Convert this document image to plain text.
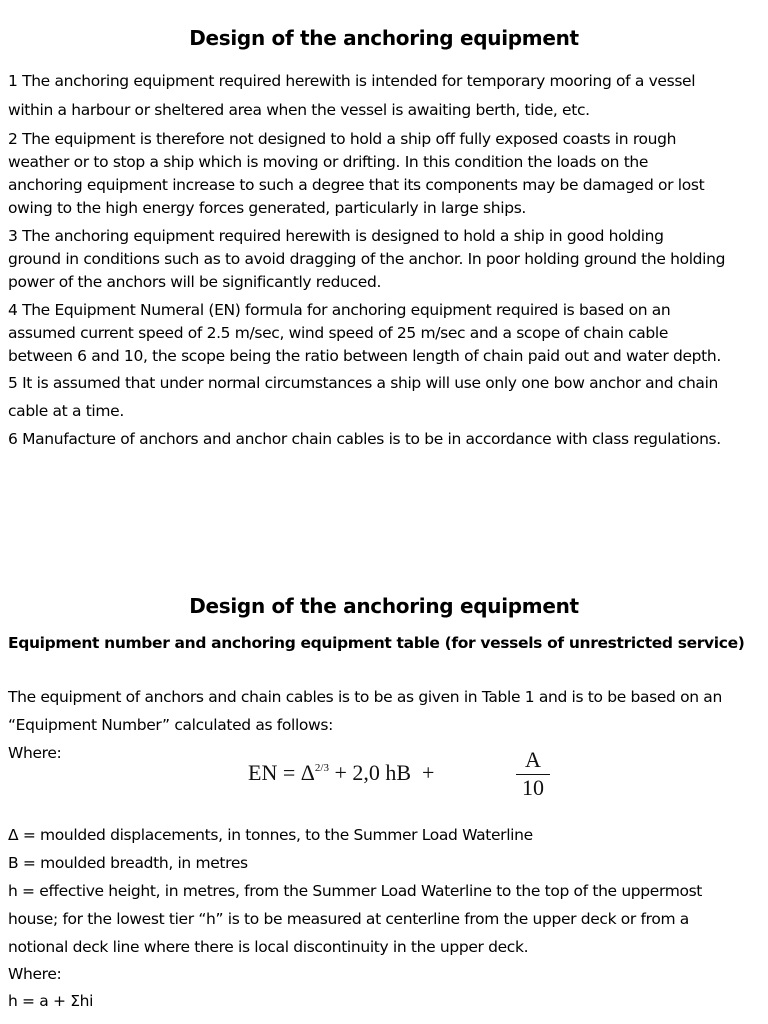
Design of the anchoring equipment
1 The anchoring equipment required herewith is intended for temporary mooring of a vessel
within a harbour or sheltered area when the vessel is awaiting berth, tide, etc.
2 The equipment is therefore not designed to hold a ship off fully exposed coasts in rough
weather or to stop a ship which is moving or drifting. In this condition the loads on the
anchoring equipment increase to such a degree that its components may be damaged or lost
owing to the high energy forces generated, particularly in large ships.
3 The anchoring equipment required herewith is designed to hold a ship in good holding
ground in conditions such as to avoid dragging of the anchor. In poor holding ground the holding
power of the anchors will be significantly reduced.
4 The Equipment Numeral (EN) formula for anchoring equipment required is based on an
assumed current speed of 2.5 m/sec, wind speed of 25 m/sec and a scope of chain cable
between 6 and 10, the scope being the ratio between length of chain paid out and water depth.
5 It is assumed that under normal circumstances a ship will use only one bow anchor and chain
cable at a time.
6 Manufacture of anchors and anchor chain cables is to be in accordance with class regulations.
Design of the anchoring equipment
Equipment number and anchoring equipment table (for vessels of unrestricted service)
The equipment of anchors and chain cables is to be as given in Table 1 and is to be based on an
“Equipment Number” calculated as follows:
Where:
EN = $\Delta^{2/3} + 2,0$ hB  +
A
10
Δ = moulded displacements, in tonnes, to the Summer Load Waterline
B = moulded breadth, in metres
h = effective height, in metres, from the Summer Load Waterline to the top of the uppermost
house; for the lowest tier “h” is to be measured at centerline from the upper deck or from a
notional deck line where there is local discontinuity in the upper deck.
Where:
h = a + Σhi
